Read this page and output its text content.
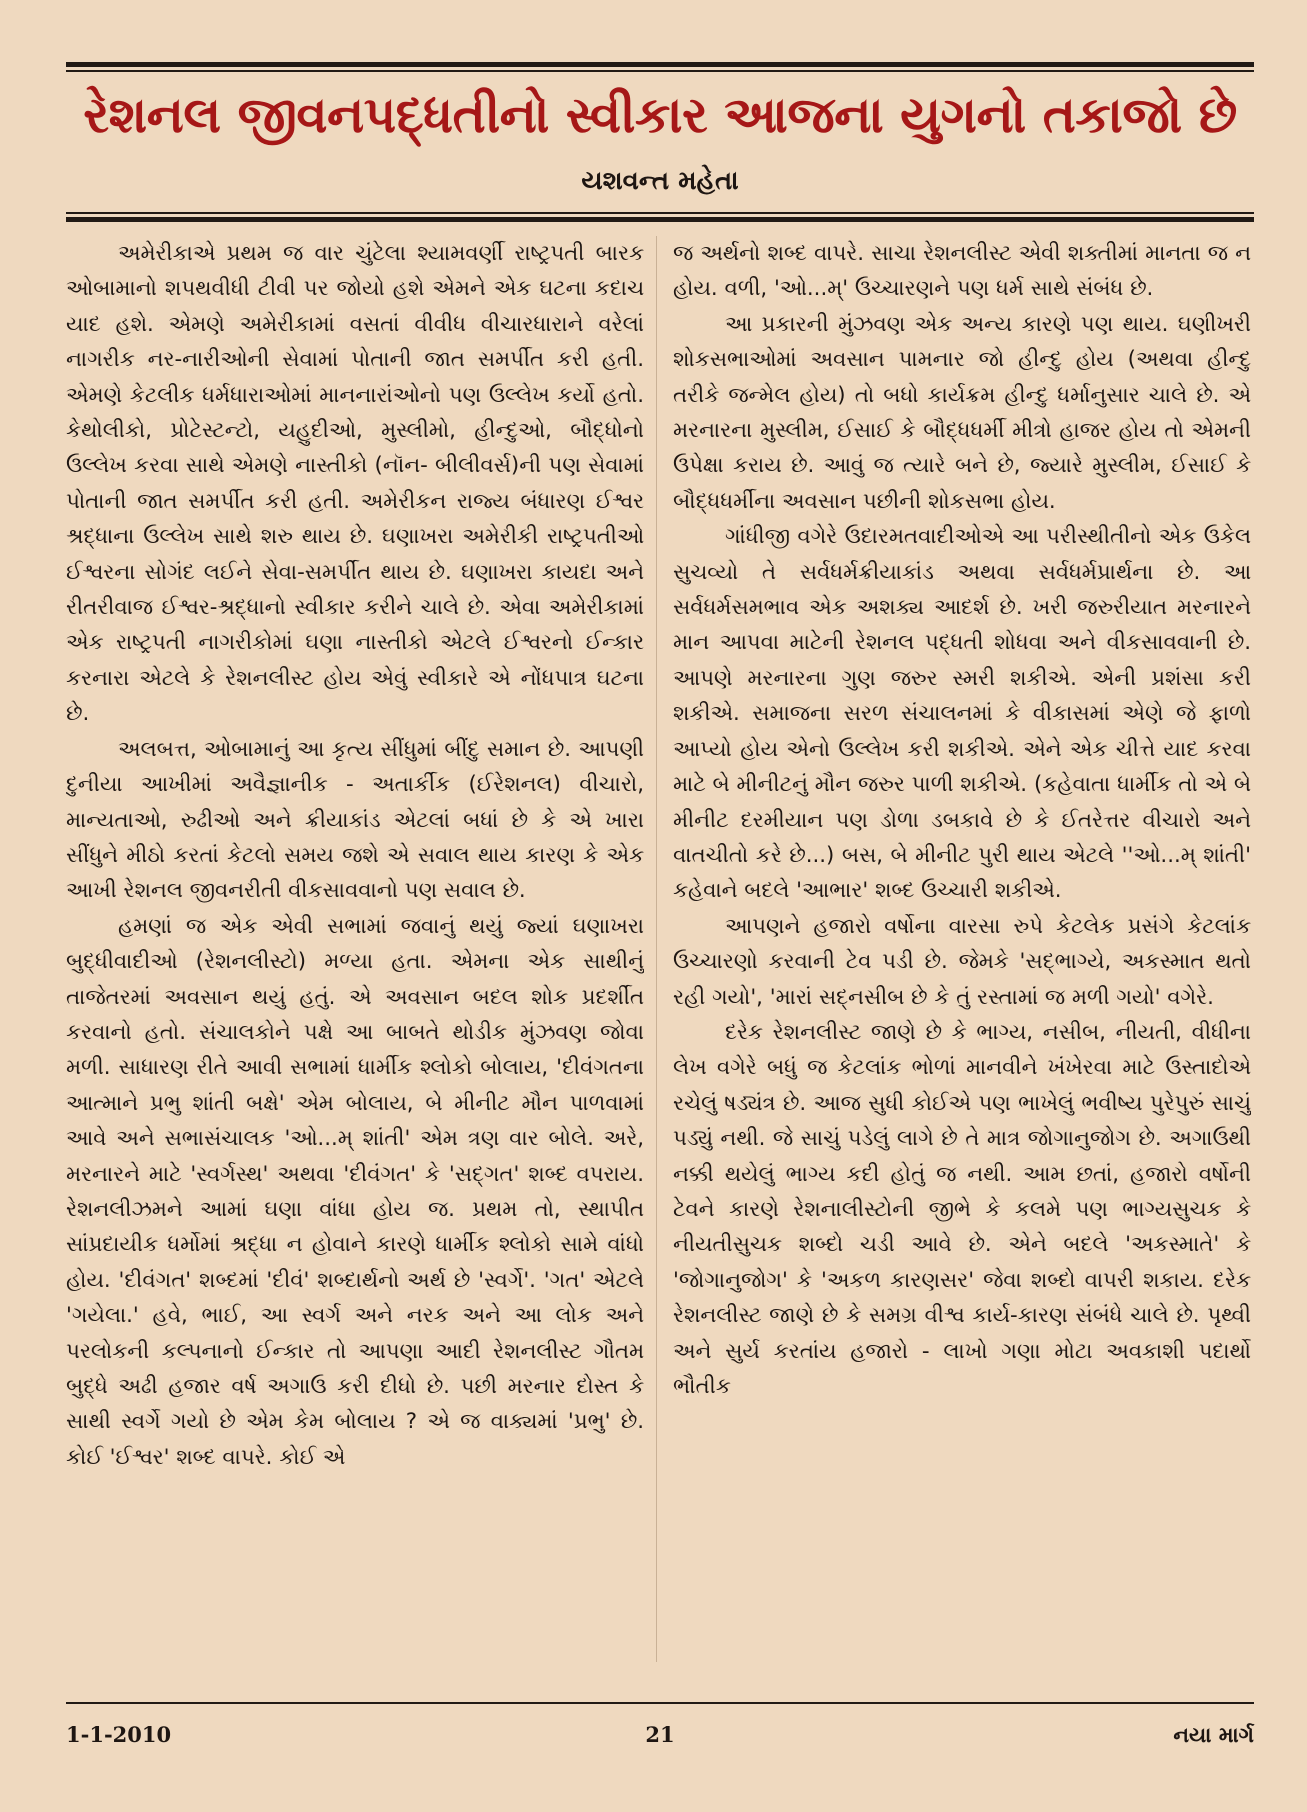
રેશનલ જીવનપદ્ધતીનો સ્વીકાર આજના યુગનો તકાજો છે
યશવન્ત મહેતા

અમેરીકાએ પ્રથમ જ વાર ચુંટેલા શ્યામવર્ણી રાષ્ટ્રપતી બારક ઓબામાનો શપથવીધી ટીવી પર જોયો હશે એમને એક ઘટના કદાચ યાદ હશે. એમણે અમેરીકામાં વસતાં વીવીધ વીચારધારાને વરેલાં નાગરીક નર-નારીઓની સેવામાં પોતાની જાત સમર્પીત કરી હતી. એમણે કેટલીક ધર્મધારાઓમાં માનનારાંઓનો પણ ઉલ્લેખ કર્યો હતો. કેથોલીકો, પ્રોટેસ્ટન્ટો, યહુદીઓ, મુસ્લીમો, હીન્દુઓ, બૌદ્ધોનો ઉલ્લેખ કરવા સાથે એમણે નાસ્તીકો (નૉન- બીલીવર્સ)ની પણ સેવામાં પોતાની જાત સમર્પીત કરી હતી. અમેરીકન રાજ્ય બંધારણ ઈશ્વર શ્રદ્ધાના ઉલ્લેખ સાથે શરુ થાય છે. ઘણાખરા અમેરીકી રાષ્ટ્રપતીઓ ઈશ્વરના સોગંદ લઈને સેવા-સમર્પીત થાય છે. ઘણાખરા કાયદા અને રીતરીવાજ ઈશ્વર-શ્રદ્ધાનો સ્વીકાર કરીને ચાલે છે. એવા અમેરીકામાં એક રાષ્ટ્રપતી નાગરીકોમાં ઘણા નાસ્તીકો એટલે ઈશ્વરનો ઈન્કાર કરનારા એટલે કે રેશનલીસ્ટ હોય એવું સ્વીકારે એ નોંધપાત્ર ઘટના છે.

અલબત્ત, ઓબામાનું આ કૃત્ય સીંધુમાં બીંદુ સમાન છે. આપણી દુનીયા આખીમાં અવૈજ્ઞાનીક - અતાર્કીક (ઈરેશનલ) વીચારો, માન્યતાઓ, રુઢીઓ અને ક્રીયાકાંડ એટલાં બધાં છે કે એ ખારા સીંધુને મીઠો કરતાં કેટલો સમય જશે એ સવાલ થાય કારણ કે એક આખી રેશનલ જીવનરીતી વીકસાવવાનો પણ સવાલ છે.

હમણાં જ એક એવી સભામાં જવાનું થયું જ્યાં ઘણાખરા બુદ્ધીવાદીઓ (રેશનલીસ્ટો) મળ્યા હતા. એમના એક સાથીનું તાજેતરમાં અવસાન થયું હતું. એ અવસાન બદલ શોક પ્રદર્શીત કરવાનો હતો. સંચાલકોને પક્ષે આ બાબતે થોડીક મુંઝવણ જોવા મળી. સાધારણ રીતે આવી સભામાં ધાર્મીક શ્લોકો બોલાય, 'દીવંગતના આત્માને પ્રભુ શાંતી બક્ષે' એમ બોલાય, બે મીનીટ મૌન પાળવામાં આવે અને સભાસંચાલક 'ઓ...મ્ શાંતી' એમ ત્રણ વાર બોલે. અરે, મરનારને માટે 'સ્વર્ગસ્થ' અથવા 'દીવંગત' કે 'સદ્ગત' શબ્દ વપરાય. રેશનલીઝમને આમાં ઘણા વાંધા હોય જ. પ્રથમ તો, સ્થાપીત સાંપ્રદાયીક ધર્મોમાં શ્રદ્ધા ન હોવાને કારણે ધાર્મીક શ્લોકો સામે વાંધો હોય. 'દીવંગત' શબ્દમાં 'દીવં' શબ્દાર્થનો અર્થ છે 'સ્વર્ગે'. 'ગત' એટલે 'ગયેલા.' હવે, ભાઈ, આ સ્વર્ગ અને નરક અને આ લોક અને પરલોકની કલ્પનાનો ઈન્કાર તો આપણા આદી રેશનલીસ્ટ ગૌતમ બુદ્ધે અઢી હજાર વર્ષ અગાઉ કરી દીધો છે. પછી મરનાર દોસ્ત કે સાથી સ્વર્ગે ગયો છે એમ કેમ બોલાય ? એ જ વાક્યમાં 'પ્રભુ' છે. કોઈ 'ઈશ્વર' શબ્દ વાપરે. કોઈ એ

જ અર્થનો શબ્દ વાપરે. સાચા રેશનલીસ્ટ એવી શક્તીમાં માનતા જ ન હોય. વળી, 'ઓ...મ્' ઉચ્ચારણને પણ ધર્મ સાથે સંબંધ છે.

આ પ્રકારની મુંઝવણ એક અન્ય કારણે પણ થાય. ઘણીખરી શોકસભાઓમાં અવસાન પામનાર જો હીન્દુ હોય (અથવા હીન્દુ તરીકે જન્મેલ હોય) તો બધો કાર્યક્રમ હીન્દુ ધર્માનુસાર ચાલે છે. એ મરનારના મુસ્લીમ, ઈસાઈ કે બૌદ્ધધર્મી મીત્રો હાજર હોય તો એમની ઉપેક્ષા કરાય છે. આવું જ ત્યારે બને છે, જ્યારે મુસ્લીમ, ઈસાઈ કે બૌદ્ધધર્મીના અવસાન પછીની શોકસભા હોય.

ગાંધીજી વગેરે ઉદારમતવાદીઓએ આ પરીસ્થીતીનો એક ઉકેલ સુચવ્યો તે સર્વધર્મક્રીયાકાંડ અથવા સર્વધર્મપ્રાર્થના છે. આ સર્વધર્મસમભાવ એક અશક્ય આદર્શ છે. ખરી જરુરીયાત મરનારને માન આપવા માટેની રેશનલ પદ્ધતી શોધવા અને વીકસાવવાની છે. આપણે મરનારના ગુણ જરુર સ્મરી શકીએ. એની પ્રશંસા કરી શકીએ. સમાજના સરળ સંચાલનમાં કે વીકાસમાં એણે જે ફાળો આપ્યો હોય એનો ઉલ્લેખ કરી શકીએ. એને એક ચીત્તે યાદ કરવા માટે બે મીનીટનું મૌન જરુર પાળી શકીએ. (કહેવાતા ધાર્મીક તો એ બે મીનીટ દરમીયાન પણ ડોળા ડબકાવે છે કે ઈતરેત્તર વીચારો અને વાતચીતો કરે છે...) બસ, બે મીનીટ પુરી થાય એટલે ''ઓ...મ્ શાંતી' કહેવાને બદલે 'આભાર' શબ્દ ઉચ્ચારી શકીએ.

આપણને હજારો વર્ષોના વારસા રુપે કેટલેક પ્રસંગે કેટલાંક ઉચ્ચારણો કરવાની ટેવ પડી છે. જેમકે 'સદ્ભાગ્યે, અકસ્માત થતો રહી ગયો', 'મારાં સદ્નસીબ છે કે તું રસ્તામાં જ મળી ગયો' વગેરે.

દરેક રેશનલીસ્ટ જાણે છે કે ભાગ્ય, નસીબ, નીયતી, વીધીના લેખ વગેરે બધું જ કેટલાંક ભોળાં માનવીને ખંખેરવા માટે ઉસ્તાદોએ રચેલું ષડ્યંત્ર છે. આજ સુધી કોઈએ પણ ભાખેલું ભવીષ્ય પુરેપુરું સાચું પડ્યું નથી. જે સાચું પડેલું લાગે છે તે માત્ર જોગાનુજોગ છે. અગાઉથી નક્કી થયેલું ભાગ્ય કદી હોતું જ નથી. આમ છતાં, હજારો વર્ષોની ટેવને કારણે રેશનાલીસ્ટોની જીભે કે કલમે પણ ભાગ્યસુચક કે નીયતીસુચક શબ્દો ચડી આવે છે. એને બદલે 'અકસ્માતે' કે 'જોગાનુજોગ' કે 'અકળ કારણસર' જેવા શબ્દો વાપરી શકાય. દરેક રેશનલીસ્ટ જાણે છે કે સમગ્ર વીશ્વ કાર્ય-કારણ સંબંધે ચાલે છે. પૃથ્વી અને સુર્ય કરતાંય હજારો - લાખો ગણા મોટા અવકાશી પદાર્થો ભૌતીક

1-1-2010	21	નયા માર્ગ
